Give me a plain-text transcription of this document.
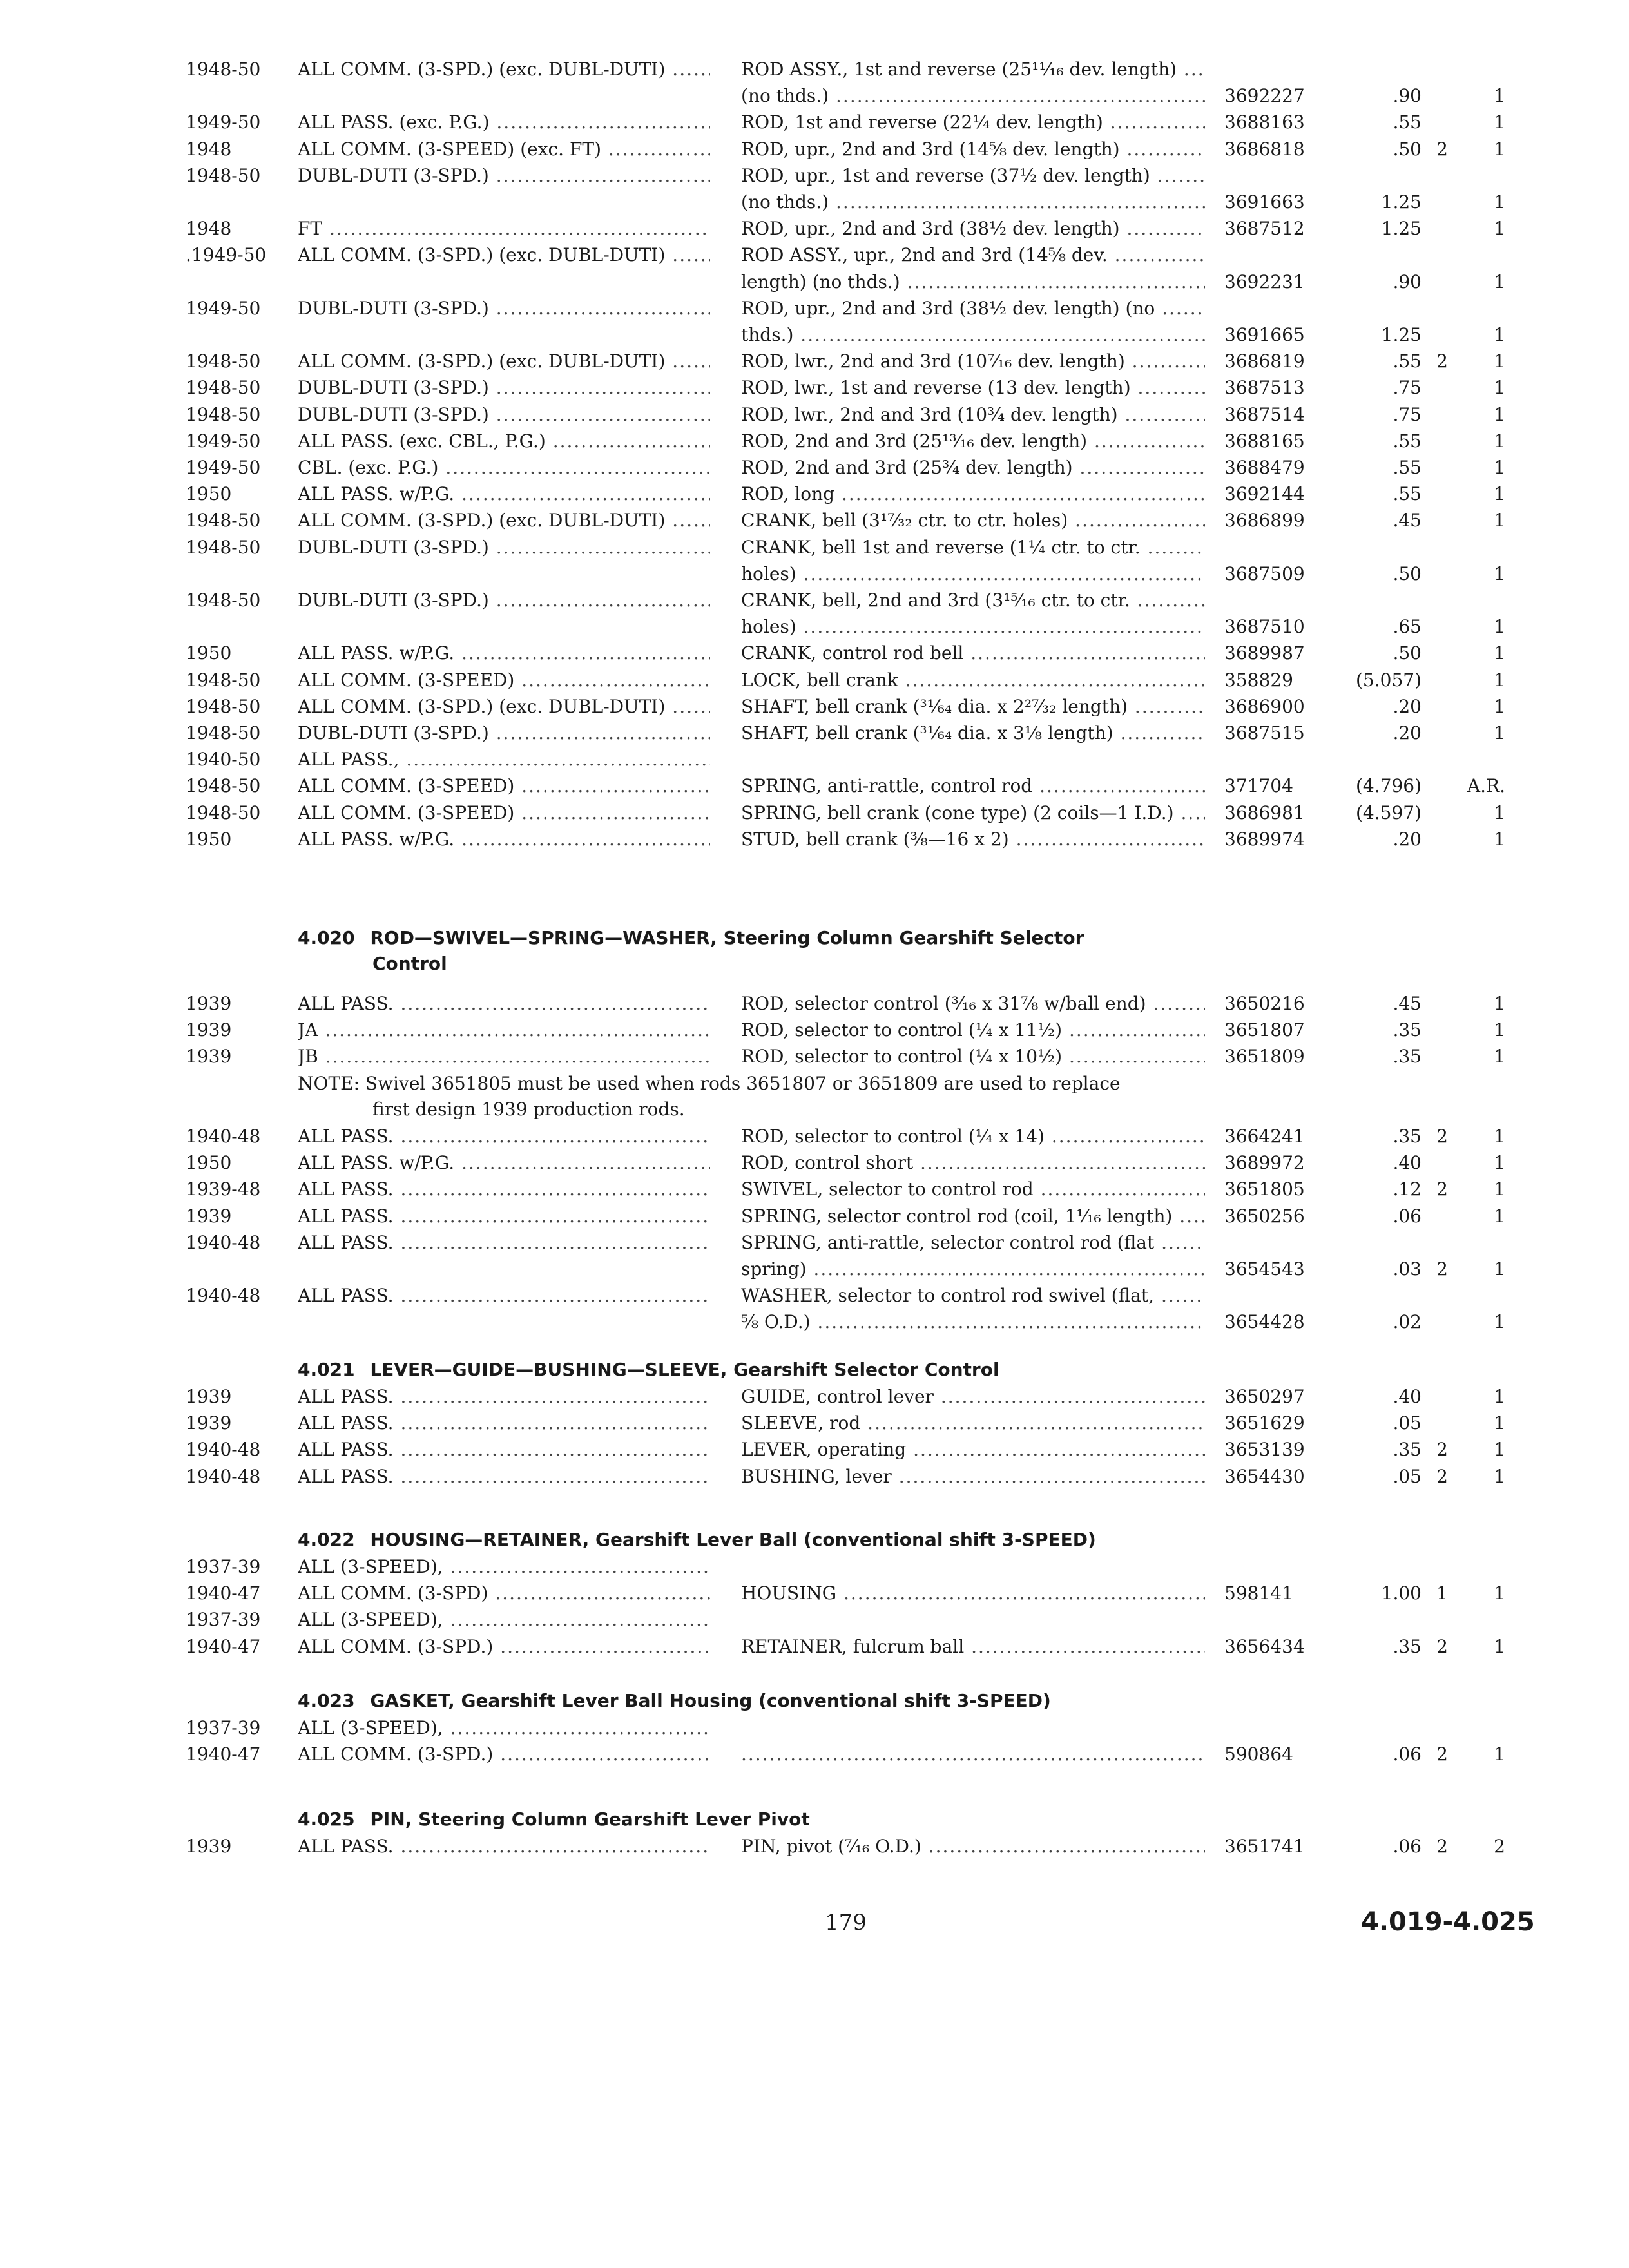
1948-50	ALL COMM. (3-SPD.) (exc. DUBL-DUTI) .....	ROD ASSY., 1st and reverse (25¹¹⁄₁₆ dev. length) .....
(no thds.) .....	3692227	.90	1
1949-50	ALL PASS. (exc. P.G.) .....	ROD, 1st and reverse (22¼ dev. length) .....	3688163	.55	1
1948	ALL COMM. (3-SPEED) (exc. FT) .....	ROD, upr., 2nd and 3rd (14⅝ dev. length) .....	3686818	.50 2	1
1948-50	DUBL-DUTI (3-SPD.) .....	ROD, upr., 1st and reverse (37½ dev. length) .....
(no thds.) .....	3691663	1.25	1
1948	FT .....	ROD, upr., 2nd and 3rd (38½ dev. length) .....	3687512	1.25	1
.1949-50	ALL COMM. (3-SPD.) (exc. DUBL-DUTI) .....	ROD ASSY., upr., 2nd and 3rd (14⅝ dev. .....
length) (no thds.) .....	3692231	.90	1
1949-50	DUBL-DUTI (3-SPD.) .....	ROD, upr., 2nd and 3rd (38½ dev. length) (no .....
thds.) .....	3691665	1.25	1
1948-50	ALL COMM. (3-SPD.) (exc. DUBL-DUTI) .....	ROD, lwr., 2nd and 3rd (10⁷⁄₁₆ dev. length) .....	3686819	.55 2	1
1948-50	DUBL-DUTI (3-SPD.) .....	ROD, lwr., 1st and reverse (13 dev. length) .....	3687513	.75	1
1948-50	DUBL-DUTI (3-SPD.) .....	ROD, lwr., 2nd and 3rd (10¾ dev. length) .....	3687514	.75	1
1949-50	ALL PASS. (exc. CBL., P.G.) .....	ROD, 2nd and 3rd (25¹³⁄₁₆ dev. length) .....	3688165	.55	1
1949-50	CBL. (exc. P.G.) .....	ROD, 2nd and 3rd (25¾ dev. length) .....	3688479	.55	1
1950	ALL PASS. w/P.G. .....	ROD, long .....	3692144	.55	1
1948-50	ALL COMM. (3-SPD.) (exc. DUBL-DUTI) .....	CRANK, bell (3¹⁷⁄₃₂ ctr. to ctr. holes) .....	3686899	.45	1
1948-50	DUBL-DUTI (3-SPD.) .....	CRANK, bell 1st and reverse (1¼ ctr. to ctr. .....
holes) .....	3687509	.50	1
1948-50	DUBL-DUTI (3-SPD.) .....	CRANK, bell, 2nd and 3rd (3¹⁵⁄₁₆ ctr. to ctr. .....
holes) .....	3687510	.65	1
1950	ALL PASS. w/P.G. .....	CRANK, control rod bell .....	3689987	.50	1
1948-50	ALL COMM. (3-SPEED) .....	LOCK, bell crank .....	358829	(5.057)	1
1948-50	ALL COMM. (3-SPD.) (exc. DUBL-DUTI) .....	SHAFT, bell crank (³¹⁄₆₄ dia. x 2²⁷⁄₃₂ length) .....	3686900	.20	1
1948-50	DUBL-DUTI (3-SPD.) .....	SHAFT, bell crank (³¹⁄₆₄ dia. x 3⅛ length) .....	3687515	.20	1
1940-50	ALL PASS., .....
1948-50	ALL COMM. (3-SPEED) .....	SPRING, anti-rattle, control rod .....	371704	(4.796)	A.R.
1948-50	ALL COMM. (3-SPEED) .....	SPRING, bell crank (cone type) (2 coils—1 I.D.) .....	3686981	(4.597)	1
1950	ALL PASS. w/P.G. .....	STUD, bell crank (⅜—16 x 2) .....	3689974	.20	1
4.020 ROD—SWIVEL—SPRING—WASHER, Steering Column Gearshift Selector
Control
1939	ALL PASS. .....	ROD, selector control (³⁄₁₆ x 31⅞ w/ball end) .....	3650216	.45	1
1939	JA .....	ROD, selector to control (¼ x 11½) .....	3651807	.35	1
1939	JB .....	ROD, selector to control (¼ x 10½) .....	3651809	.35	1
NOTE: Swivel 3651805 must be used when rods 3651807 or 3651809 are used to replace
first design 1939 production rods.
1940-48	ALL PASS. .....	ROD, selector to control (¼ x 14) .....	3664241	.35 2	1
1950	ALL PASS. w/P.G. .....	ROD, control short .....	3689972	.40	1
1939-48	ALL PASS. .....	SWIVEL, selector to control rod .....	3651805	.12 2	1
1939	ALL PASS. .....	SPRING, selector control rod (coil, 1¹⁄₁₆ length) .....	3650256	.06	1
1940-48	ALL PASS. .....	SPRING, anti-rattle, selector control rod (flat .....
spring) .....	3654543	.03 2	1
1940-48	ALL PASS. .....	WASHER, selector to control rod swivel (flat, .....
⅝ O.D.) .....	3654428	.02	1
4.021 LEVER—GUIDE—BUSHING—SLEEVE, Gearshift Selector Control
1939	ALL PASS. .....	GUIDE, control lever .....	3650297	.40	1
1939	ALL PASS. .....	SLEEVE, rod .....	3651629	.05	1
1940-48	ALL PASS. .....	LEVER, operating .....	3653139	.35 2	1
1940-48	ALL PASS. .....	BUSHING, lever .....	3654430	.05 2	1
4.022 HOUSING—RETAINER, Gearshift Lever Ball (conventional shift 3-SPEED)
1937-39	ALL (3-SPEED), .....
1940-47	ALL COMM. (3-SPD) .....	HOUSING .....	598141	1.00 1	1
1937-39	ALL (3-SPEED), .....
1940-47	ALL COMM. (3-SPD.) .....	RETAINER, fulcrum ball .....	3656434	.35 2	1
4.023 GASKET, Gearshift Lever Ball Housing (conventional shift 3-SPEED)
1937-39	ALL (3-SPEED), .....
1940-47	ALL COMM. (3-SPD.) .....
.....	590864	.06 2	1
4.025 PIN, Steering Column Gearshift Lever Pivot
1939	ALL PASS. .....	PIN, pivot (⁷⁄₁₆ O.D.) .....	3651741	.06 2	2
179	4.019-4.025
